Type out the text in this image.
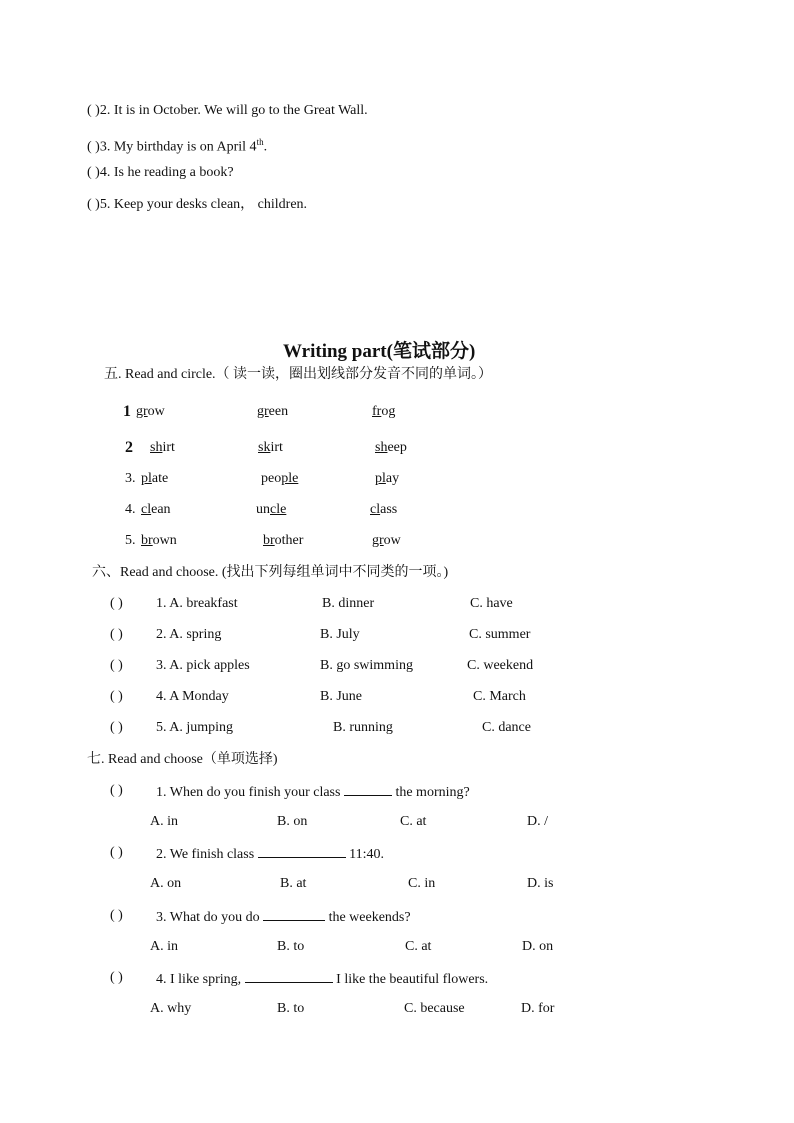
( )2. It is in October. We will go to the Great Wall.
( )3. My birthday is on April 4th.
( )4. Is he reading a book?
( )5. Keep your desks clean， children.
Writing part(笔试部分)
五. Read and circle.（ 读一读，圈出划线部分发音不同的单词。）
1 grow	green	frog
2 shirt	skirt	sheep
3. plate	people	play
4. clean	uncle	class
5. brown	brother	grow
六、Read and choose. (找出下列每组单词中不同类的一项。)
( ) 1. A. breakfast	B. dinner	C. have
( ) 2. A. spring	B. July	C. summer
( ) 3. A. pick apples	B. go swimming	C. weekend
( ) 4. A Monday	B. June	C. March
( ) 5. A. jumping	B. running	C. dance
七. Read and choose（单项选择)
( ) 1. When do you finish your class	the morning?
A. in	B. on	C. at	D. /
( ) 2. We finish class	11:40.
A. on	B. at	C. in	D. is
( ) 3. What do you do	the weekends?
A. in	B. to	C. at	D. on
( ) 4. I like spring,	I like the beautiful flowers.
A. why	B. to	C. because	D. for
